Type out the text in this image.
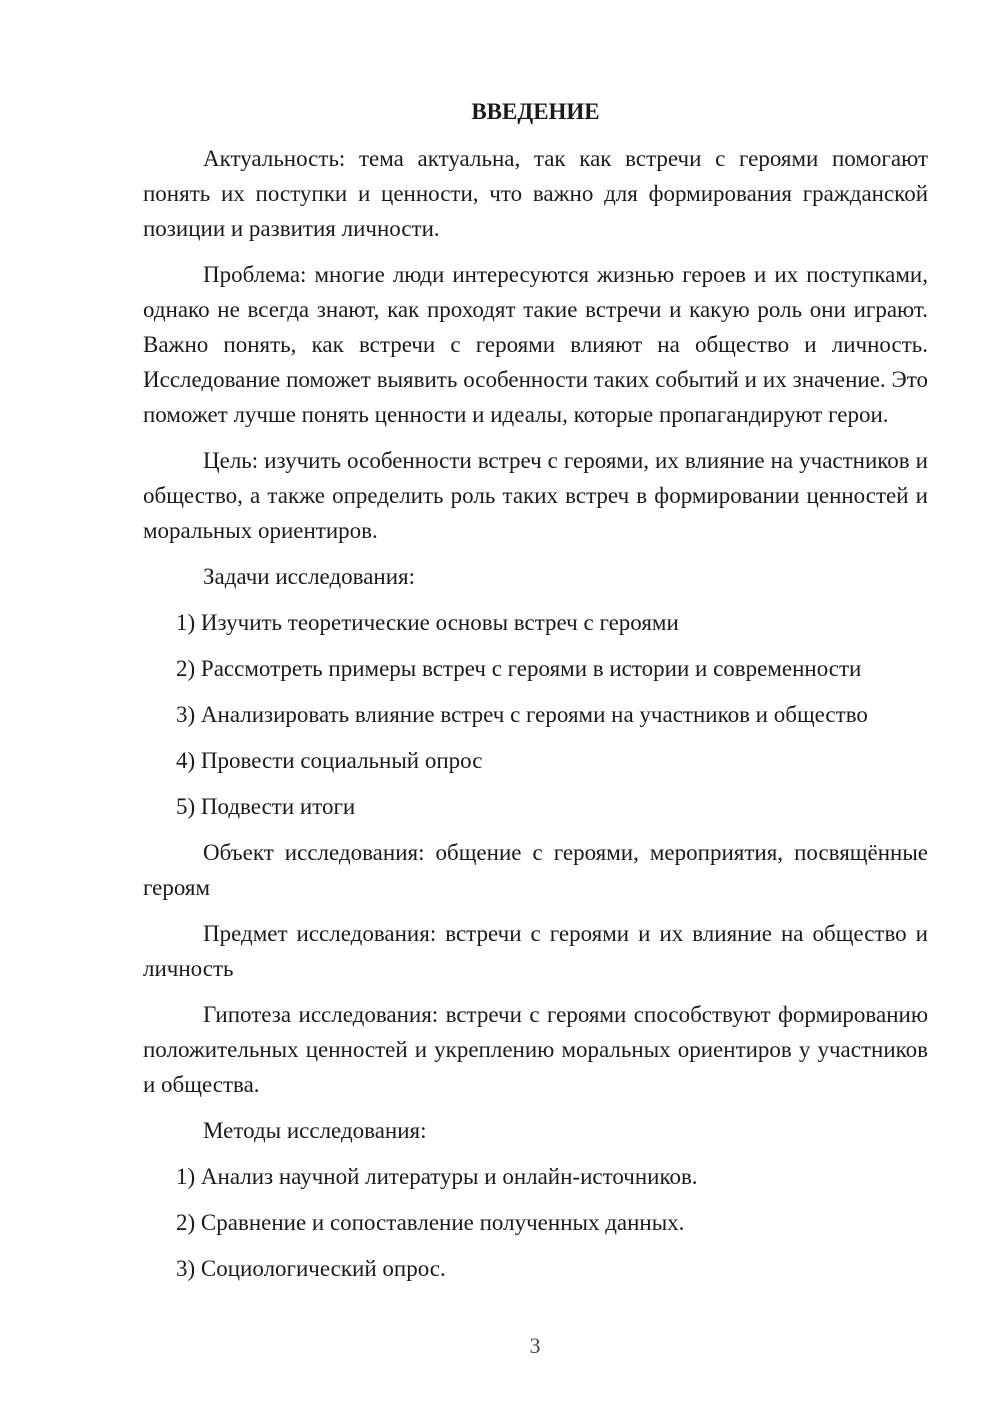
ВВЕДЕНИЕ

Актуальность: тема актуальна, так как встречи с героями помогают понять их поступки и ценности, что важно для формирования гражданской позиции и развития личности.

Проблема: многие люди интересуются жизнью героев и их поступками, однако не всегда знают, как проходят такие встречи и какую роль они играют. Важно понять, как встречи с героями влияют на общество и личность. Исследование поможет выявить особенности таких событий и их значение. Это поможет лучше понять ценности и идеалы, которые пропагандируют герои.

Цель: изучить особенности встреч с героями, их влияние на участников и общество, а также определить роль таких встреч в формировании ценностей и моральных ориентиров.

Задачи исследования:

1) Изучить теоретические основы встреч с героями

2) Рассмотреть примеры встреч с героями в истории и современности

3) Анализировать влияние встреч с героями на участников и общество

4) Провести социальный опрос

5) Подвести итоги

Объект исследования: общение с героями, мероприятия, посвящённые героям

Предмет исследования: встречи с героями и их влияние на общество и личность

Гипотеза исследования: встречи с героями способствуют формированию положительных ценностей и укреплению моральных ориентиров у участников и общества.

Методы исследования:

1) Анализ научной литературы и онлайн-источников.

2) Сравнение и сопоставление полученных данных.

3) Социологический опрос.

3
